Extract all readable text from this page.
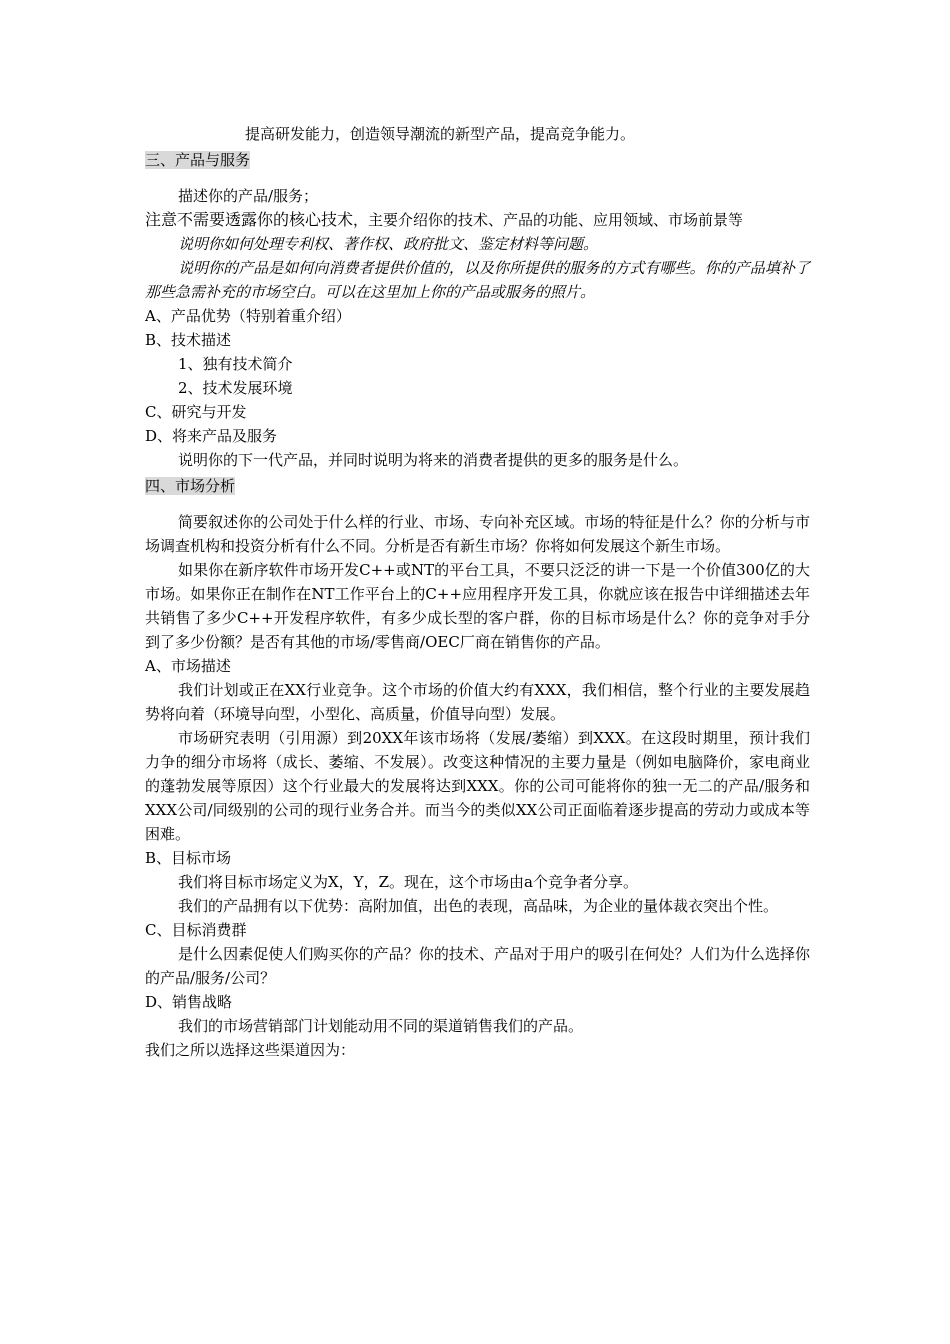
提高研发能力，创造领导潮流的新型产品，提高竞争能力。

三、产品与服务

描述你的产品/服务；

注意不需要透露你的核心技术，主要介绍你的技术、产品的功能、应用领域、市场前景等

说明你如何处理专利权、著作权、政府批文、鉴定材料等问题。

说明你的产品是如何向消费者提供价值的，以及你所提供的服务的方式有哪些。你的产品填补了那些急需补充的市场空白。可以在这里加上你的产品或服务的照片。

A、产品优势（特别着重介绍）

B、技术描述

1、独有技术简介

2、技术发展环境

C、研究与开发

D、将来产品及服务

说明你的下一代产品，并同时说明为将来的消费者提供的更多的服务是什么。

四、市场分析

简要叙述你的公司处于什么样的行业、市场、专向补充区域。市场的特征是什么？你的分析与市场调查机构和投资分析有什么不同。分析是否有新生市场？你将如何发展这个新生市场。

如果你在新序软件市场开发C++或NT的平台工具，不要只泛泛的讲一下是一个价值300亿的大市场。如果你正在制作在NT工作平台上的C++应用程序开发工具，你就应该在报告中详细描述去年共销售了多少C++开发程序软件，有多少成长型的客户群，你的目标市场是什么？你的竞争对手分到了多少份额？是否有其他的市场/零售商/OEC厂商在销售你的产品。

A、市场描述

我们计划或正在XX行业竞争。这个市场的价值大约有XXX，我们相信，整个行业的主要发展趋势将向着（环境导向型，小型化、高质量，价值导向型）发展。

市场研究表明（引用源）到20XX年该市场将（发展/萎缩）到XXX。在这段时期里，预计我们力争的细分市场将（成长、萎缩、不发展）。改变这种情况的主要力量是（例如电脑降价，家电商业的蓬勃发展等原因）这个行业最大的发展将达到XXX。你的公司可能将你的独一无二的产品/服务和XXX公司/同级别的公司的现行业务合并。而当今的类似XX公司正面临着逐步提高的劳动力或成本等困难。

B、目标市场

我们将目标市场定义为X，Y，Z。现在，这个市场由a个竞争者分享。

我们的产品拥有以下优势：高附加值，出色的表现，高品味，为企业的量体裁衣突出个性。

C、目标消费群

是什么因素促使人们购买你的产品？你的技术、产品对于用户的吸引在何处？人们为什么选择你的产品/服务/公司？

D、销售战略

我们的市场营销部门计划能动用不同的渠道销售我们的产品。

我们之所以选择这些渠道因为：
